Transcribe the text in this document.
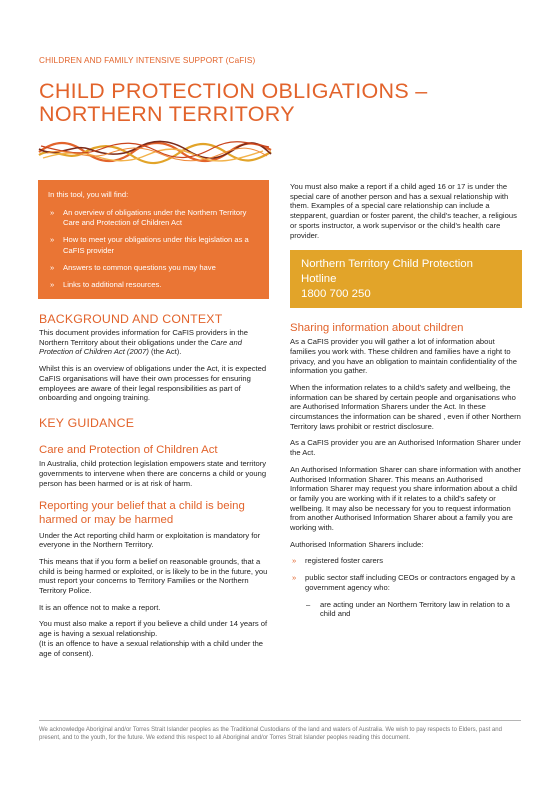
CHILDREN AND FAMILY INTENSIVE SUPPORT (CaFIS)
CHILD PROTECTION OBLIGATIONS –
NORTHERN TERRITORY
In this tool, you will find:
» An overview of obligations under the Northern Territory Care and Protection of Children Act
» How to meet your obligations under this legislation as a CaFIS provider
» Answers to common questions you may have
» Links to additional resources.
BACKGROUND AND CONTEXT

This document provides information for CaFIS providers in the Northern Territory about their obligations under the Care and Protection of Children Act (2007) (the Act).

Whilst this is an overview of obligations under the Act, it is expected CaFIS organisations will have their own processes for ensuring employees are aware of their legal responsibilities as part of onboarding and ongoing training.

KEY GUIDANCE
Care and Protection of Children Act

In Australia, child protection legislation empowers state and territory governments to intervene when there are concerns a child or young person has been harmed or is at risk of harm.

Reporting your belief that a child is being harmed or may be harmed

Under the Act reporting child harm or exploitation is mandatory for everyone in the Northern Territory.

This means that if you form a belief on reasonable grounds, that a child is being harmed or exploited, or is likely to be in the future, you must report your concerns to Territory Families or the Northern Territory Police.

It is an offence not to make a report.

You must also make a report if you believe a child under 14 years of age is having a sexual relationship.
(It is an offence to have a sexual relationship with a child under the age of consent).

You must also make a report if a child aged 16 or 17 is under the special care of another person and has a sexual relationship with them. Examples of a special care relationship can include a stepparent, guardian or foster parent, the child's teacher, a religious or sports instructor, a work supervisor or the child's health care provider.

Northern Territory Child Protection
Hotline
1800 700 250
Sharing information about children

As a CaFIS provider you will gather a lot of information about families you work with. These children and families have a right to privacy, and you have an obligation to maintain confidentiality of the information you gather.

When the information relates to a child's safety and wellbeing, the information can be shared by certain people and organisations who are Authorised Information Sharers under the Act. In these circumstances the information can be shared , even if other Northern Territory laws prohibit or restrict disclosure.

As a CaFIS provider you are an Authorised Information Sharer under the Act.

An Authorised Information Sharer can share information with another Authorised Information Sharer. This means an Authorised Information Sharer may request you share information about a child or family you are working with if it relates to a child's safety or wellbeing. It may also be necessary for you to request information from another Authorised Information Sharer about a family you are working with.

Authorised Information Sharers include:

» registered foster carers
» public sector staff including CEOs or contractors engaged by a government agency who:
– are acting under an Northern Territory law in relation to a child and
We acknowledge Aboriginal and/or Torres Strait Islander peoples as the Traditional Custodians of the land and waters of Australia. We wish to pay respects to Elders, past and present, and to the youth, for the future. We extend this respect to all Aboriginal and/or Torres Strait Islander peoples reading this document.
